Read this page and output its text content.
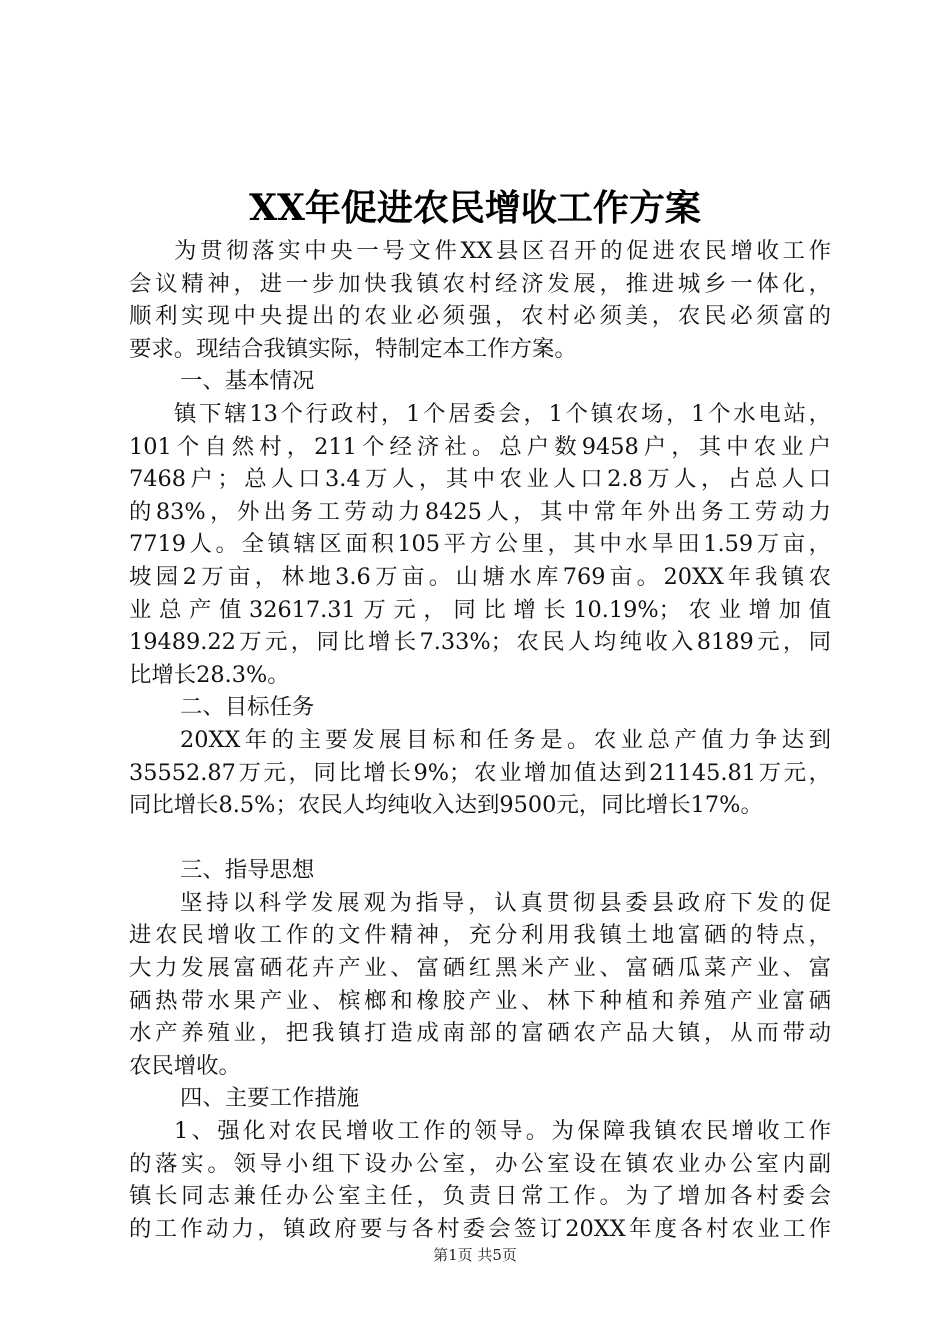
XX年促进农民增收工作方案
为贯彻落实中央一号文件XX县区召开的促进农民增收工作
会议精神，进一步加快我镇农村经济发展，推进城乡一体化，
顺利实现中央提出的农业必须强，农村必须美，农民必须富的
要求。现结合我镇实际，特制定本工作方案。
一、基本情况
镇下辖13个行政村，1个居委会，1个镇农场，1个水电站，
101个自然村，211个经济社。总户数9458户，其中农业户
7468户；总人口3.4万人，其中农业人口2.8万人，占总人口
的83%，外出务工劳动力8425人，其中常年外出务工劳动力
7719人。全镇辖区面积105平方公里，其中水旱田1.59万亩，
坡园2万亩，林地3.6万亩。山塘水库769亩。20XX年我镇农
业总产值32617.31万元，同比增长10.19%；农业增加值
19489.22万元，同比增长7.33%；农民人均纯收入8189元，同
比增长28.3%。
二、目标任务
20XX年的主要发展目标和任务是。农业总产值力争达到
35552.87万元，同比增长9%；农业增加值达到21145.81万元，
同比增长8.5%；农民人均纯收入达到9500元，同比增长17%。
三、指导思想
坚持以科学发展观为指导，认真贯彻县委县政府下发的促
进农民增收工作的文件精神，充分利用我镇土地富硒的特点，
大力发展富硒花卉产业、富硒红黑米产业、富硒瓜菜产业、富
硒热带水果产业、槟榔和橡胶产业、林下种植和养殖产业富硒
水产养殖业，把我镇打造成南部的富硒农产品大镇，从而带动
农民增收。
四、主要工作措施
1、强化对农民增收工作的领导。为保障我镇农民增收工作
的落实。领导小组下设办公室，办公室设在镇农业办公室内副
镇长同志兼任办公室主任，负责日常工作。为了增加各村委会
的工作动力，镇政府要与各村委会签订20XX年度各村农业工作
第1页 共5页
